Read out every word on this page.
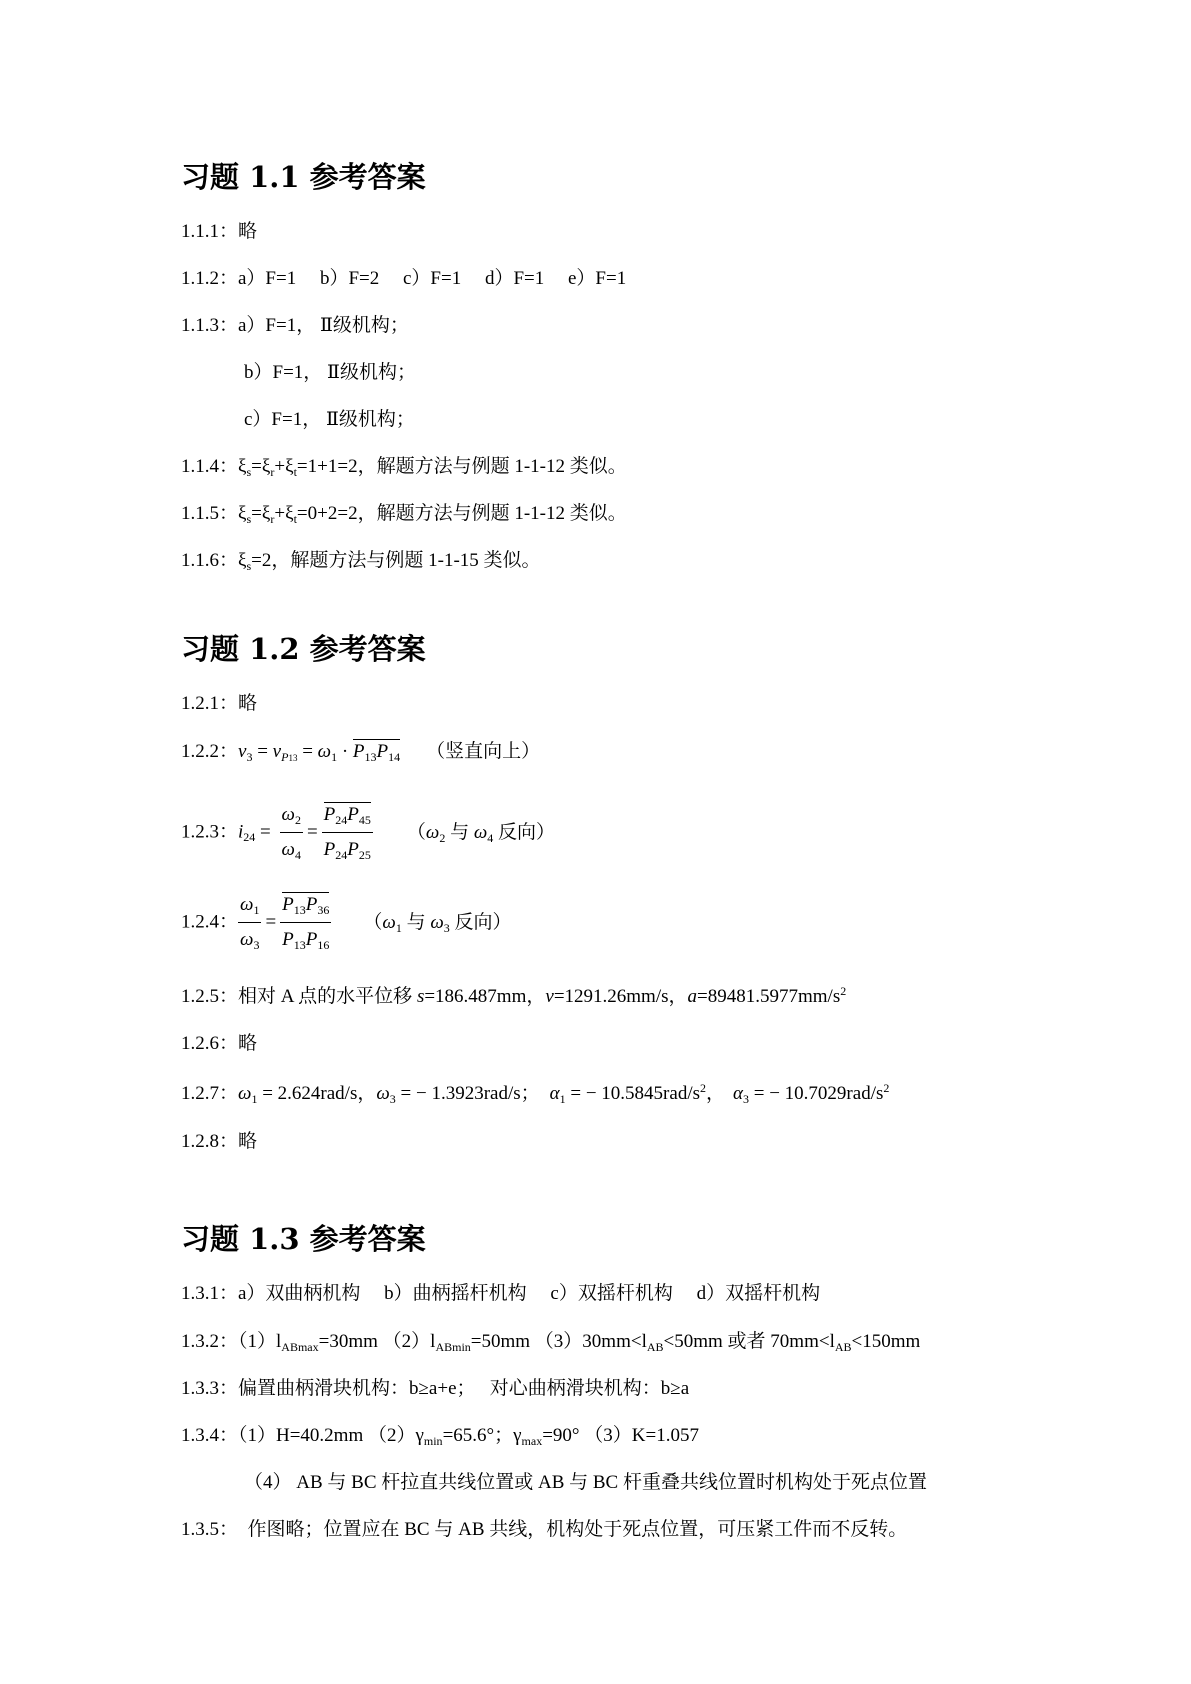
习题 1.1 参考答案
1.1.1：略
1.1.2：a）F=1     b）F=2     c）F=1     d）F=1     e）F=1
1.1.3：a）F=1， Ⅱ级机构；
b）F=1， Ⅱ级机构；
c）F=1， Ⅱ级机构；
1.1.4：$\xi_s=\xi_r+\xi_t=1+1=2$，解题方法与例题 1-1-12 类似。
1.1.5：$\xi_s=\xi_r+\xi_t=0+2=2$，解题方法与例题 1-1-12 类似。
1.1.6：$\xi_s=2$，解题方法与例题 1-1-15 类似。
习题 1.2 参考答案
1.2.1：略
1.2.2：$v_3 = v_{P13} = \omega_1 \cdot P_{13}P_{14}$ （竖直向上）
1.2.3：$i_{24} = \frac{\omega_2}{\omega_4} = \frac{P_{24}P_{45}}{P_{24}P_{25}} (\omega_2$ 与 $\omega_4$ 反向）
1.2.4： $\frac{\omega_1}{\omega_3} = \frac{P_{13}P_{36}}{P_{13}P_{16}} (\omega_1$ 与 $\omega_3$ 反向）
1.2.5：相对 A 点的水平位移 s=186.487mm，v=1291.26mm/s，$a=89481.5977mm/s^2$
1.2.6：略
1.2.7：$\omega_1 = 2.624rad/s$，$\omega_3$ = − 1.3923rad/s； $\alpha_1$ = − $10.5845rad/s^2$， $\alpha_3$ = − $10.7029rad/s^2$
1.2.8：略
习题 1.3 参考答案
1.3.1：a）双曲柄机构     b）曲柄摇杆机构     c）双摇杆机构     d）双摇杆机构
1.3.2：$(1)l_{ABmax}=30mm$ $(2)l_{ABmin}=50mm$ $(3)30mm<l_{AB}<50mm$ 或者 $70mm<l_{AB}<150mm$
1.3.3：偏置曲柄滑块机构：b≥a+e；   对心曲柄滑块机构：b≥a
1.3.4：（1）H=40.2mm $(2)\gamma_{min}=65.6^\circ$；$\gamma_{max}=90^\circ$ （3）K=1.057
（4） AB 与 BC 杆拉直共线位置或 AB 与 BC 杆重叠共线位置时机构处于死点位置
1.3.5：  作图略；位置应在 BC 与 AB 共线，机构处于死点位置，可压紧工件而不反转。
